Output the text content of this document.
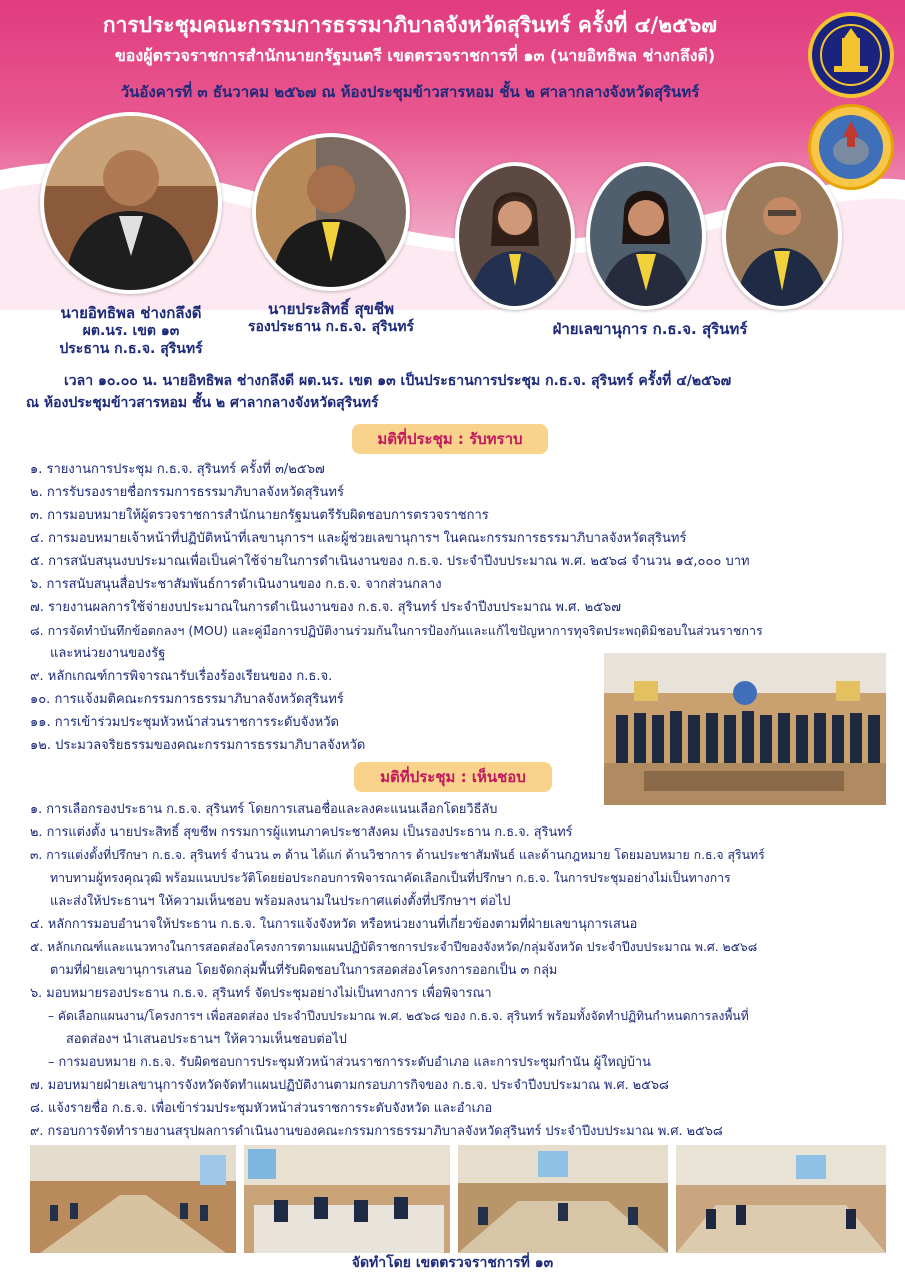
การประชุมคณะกรรมการธรรมาภิบาลจังหวัดสุรินทร์ ครั้งที่ ๔/๒๕๖๗
ของผู้ตรวจราชการสำนักนายกรัฐมนตรี เขตตรวจราชการที่ ๑๓ (นายอิทธิพล ช่างกลึงดี)
วันอังคารที่ ๓ ธันวาคม ๒๕๖๗ ณ ห้องประชุมข้าวสารหอม ชั้น ๒ ศาลากลางจังหวัดสุรินทร์
นายอิทธิพล ช่างกลึงดี
ผต.นร. เขต ๑๓
ประธาน ก.ธ.จ. สุรินทร์
นายประสิทธิ์ สุขชีพ
รองประธาน ก.ธ.จ. สุรินทร์	ฝ่ายเลขานุการ ก.ธ.จ. สุรินทร์
เวลา ๑๐.๐๐ น. นายอิทธิพล ช่างกลึงดี ผต.นร. เขต ๑๓ เป็นประธานการประชุม ก.ธ.จ. สุรินทร์ ครั้งที่ ๔/๒๕๖๗
ณ ห้องประชุมข้าวสารหอม ชั้น ๒ ศาลากลางจังหวัดสุรินทร์
มติที่ประชุม : รับทราบ
๑. รายงานการประชุม ก.ธ.จ. สุรินทร์ ครั้งที่ ๓/๒๕๖๗
๒. การรับรองรายชื่อกรรมการธรรมาภิบาลจังหวัดสุรินทร์
๓. การมอบหมายให้ผู้ตรวจราชการสำนักนายกรัฐมนตรีรับผิดชอบการตรวจราชการ
๔. การมอบหมายเจ้าหน้าที่ปฏิบัติหน้าที่เลขานุการฯ และผู้ช่วยเลขานุการฯ ในคณะกรรมการธรรมาภิบาลจังหวัดสุรินทร์
๕. การสนับสนุนงบประมาณเพื่อเป็นค่าใช้จ่ายในการดำเนินงานของ ก.ธ.จ. ประจำปีงบประมาณ พ.ศ. ๒๕๖๘ จำนวน ๑๕,๐๐๐ บาท
๖. การสนับสนุนสื่อประชาสัมพันธ์การดำเนินงานของ ก.ธ.จ. จากส่วนกลาง
๗. รายงานผลการใช้จ่ายงบประมาณในการดำเนินงานของ ก.ธ.จ. สุรินทร์ ประจำปีงบประมาณ พ.ศ. ๒๕๖๗
๘. การจัดทำบันทึกข้อตกลงฯ (MOU) และคู่มือการปฏิบัติงานร่วมกันในการป้องกันและแก้ไขปัญหาการทุจริตประพฤติมิชอบในส่วนราชการ
และหน่วยงานของรัฐ
๙. หลักเกณฑ์การพิจารณารับเรื่องร้องเรียนของ ก.ธ.จ.
๑๐. การแจ้งมติคณะกรรมการธรรมาภิบาลจังหวัดสุรินทร์
๑๑. การเข้าร่วมประชุมหัวหน้าส่วนราชการระดับจังหวัด
๑๒. ประมวลจริยธรรมของคณะกรรมการธรรมาภิบาลจังหวัด
มติที่ประชุม : เห็นชอบ
๑. การเลือกรองประธาน ก.ธ.จ. สุรินทร์ โดยการเสนอชื่อและลงคะแนนเลือกโดยวิธีลับ
๒. การแต่งตั้ง นายประสิทธิ์ สุขชีพ กรรมการผู้แทนภาคประชาสังคม เป็นรองประธาน ก.ธ.จ. สุรินทร์
๓. การแต่งตั้งที่ปรึกษา ก.ธ.จ. สุรินทร์ จำนวน ๓ ด้าน ได้แก่ ด้านวิชาการ ด้านประชาสัมพันธ์ และด้านกฎหมาย โดยมอบหมาย ก.ธ.จ สุรินทร์
ทาบทามผู้ทรงคุณวุฒิ พร้อมแนบประวัติโดยย่อประกอบการพิจารณาคัดเลือกเป็นที่ปรึกษา ก.ธ.จ. ในการประชุมอย่างไม่เป็นทางการ
และส่งให้ประธานฯ ให้ความเห็นชอบ พร้อมลงนามในประกาศแต่งตั้งที่ปรึกษาฯ ต่อไป
๔. หลักการมอบอำนาจให้ประธาน ก.ธ.จ. ในการแจ้งจังหวัด หรือหน่วยงานที่เกี่ยวข้องตามที่ฝ่ายเลขานุการเสนอ
๕. หลักเกณฑ์และแนวทางในการสอดส่องโครงการตามแผนปฏิบัติราชการประจำปีของจังหวัด/กลุ่มจังหวัด ประจำปีงบประมาณ พ.ศ. ๒๕๖๘
ตามที่ฝ่ายเลขานุการเสนอ โดยจัดกลุ่มพื้นที่รับผิดชอบในการสอดส่องโครงการออกเป็น ๓ กลุ่ม
๖. มอบหมายรองประธาน ก.ธ.จ. สุรินทร์ จัดประชุมอย่างไม่เป็นทางการ เพื่อพิจารณา
– คัดเลือกแผนงาน/โครงการฯ เพื่อสอดส่อง ประจำปีงบประมาณ พ.ศ. ๒๕๖๘ ของ ก.ธ.จ. สุรินทร์ พร้อมทั้งจัดทำปฏิทินกำหนดการลงพื้นที่
สอดส่องฯ นำเสนอประธานฯ ให้ความเห็นชอบต่อไป
– การมอบหมาย ก.ธ.จ. รับผิดชอบการประชุมหัวหน้าส่วนราชการระดับอำเภอ และการประชุมกำนัน ผู้ใหญ่บ้าน
๗. มอบหมายฝ่ายเลขานุการจังหวัดจัดทำแผนปฏิบัติงานตามกรอบภารกิจของ ก.ธ.จ. ประจำปีงบประมาณ พ.ศ. ๒๕๖๘
๘. แจ้งรายชื่อ ก.ธ.จ. เพื่อเข้าร่วมประชุมหัวหน้าส่วนราชการระดับจังหวัด และอำเภอ
๙. กรอบการจัดทำรายงานสรุปผลการดำเนินงานของคณะกรรมการธรรมาภิบาลจังหวัดสุรินทร์ ประจำปีงบประมาณ พ.ศ. ๒๕๖๘
จัดทำโดย เขตตรวจราชการที่ ๑๓
